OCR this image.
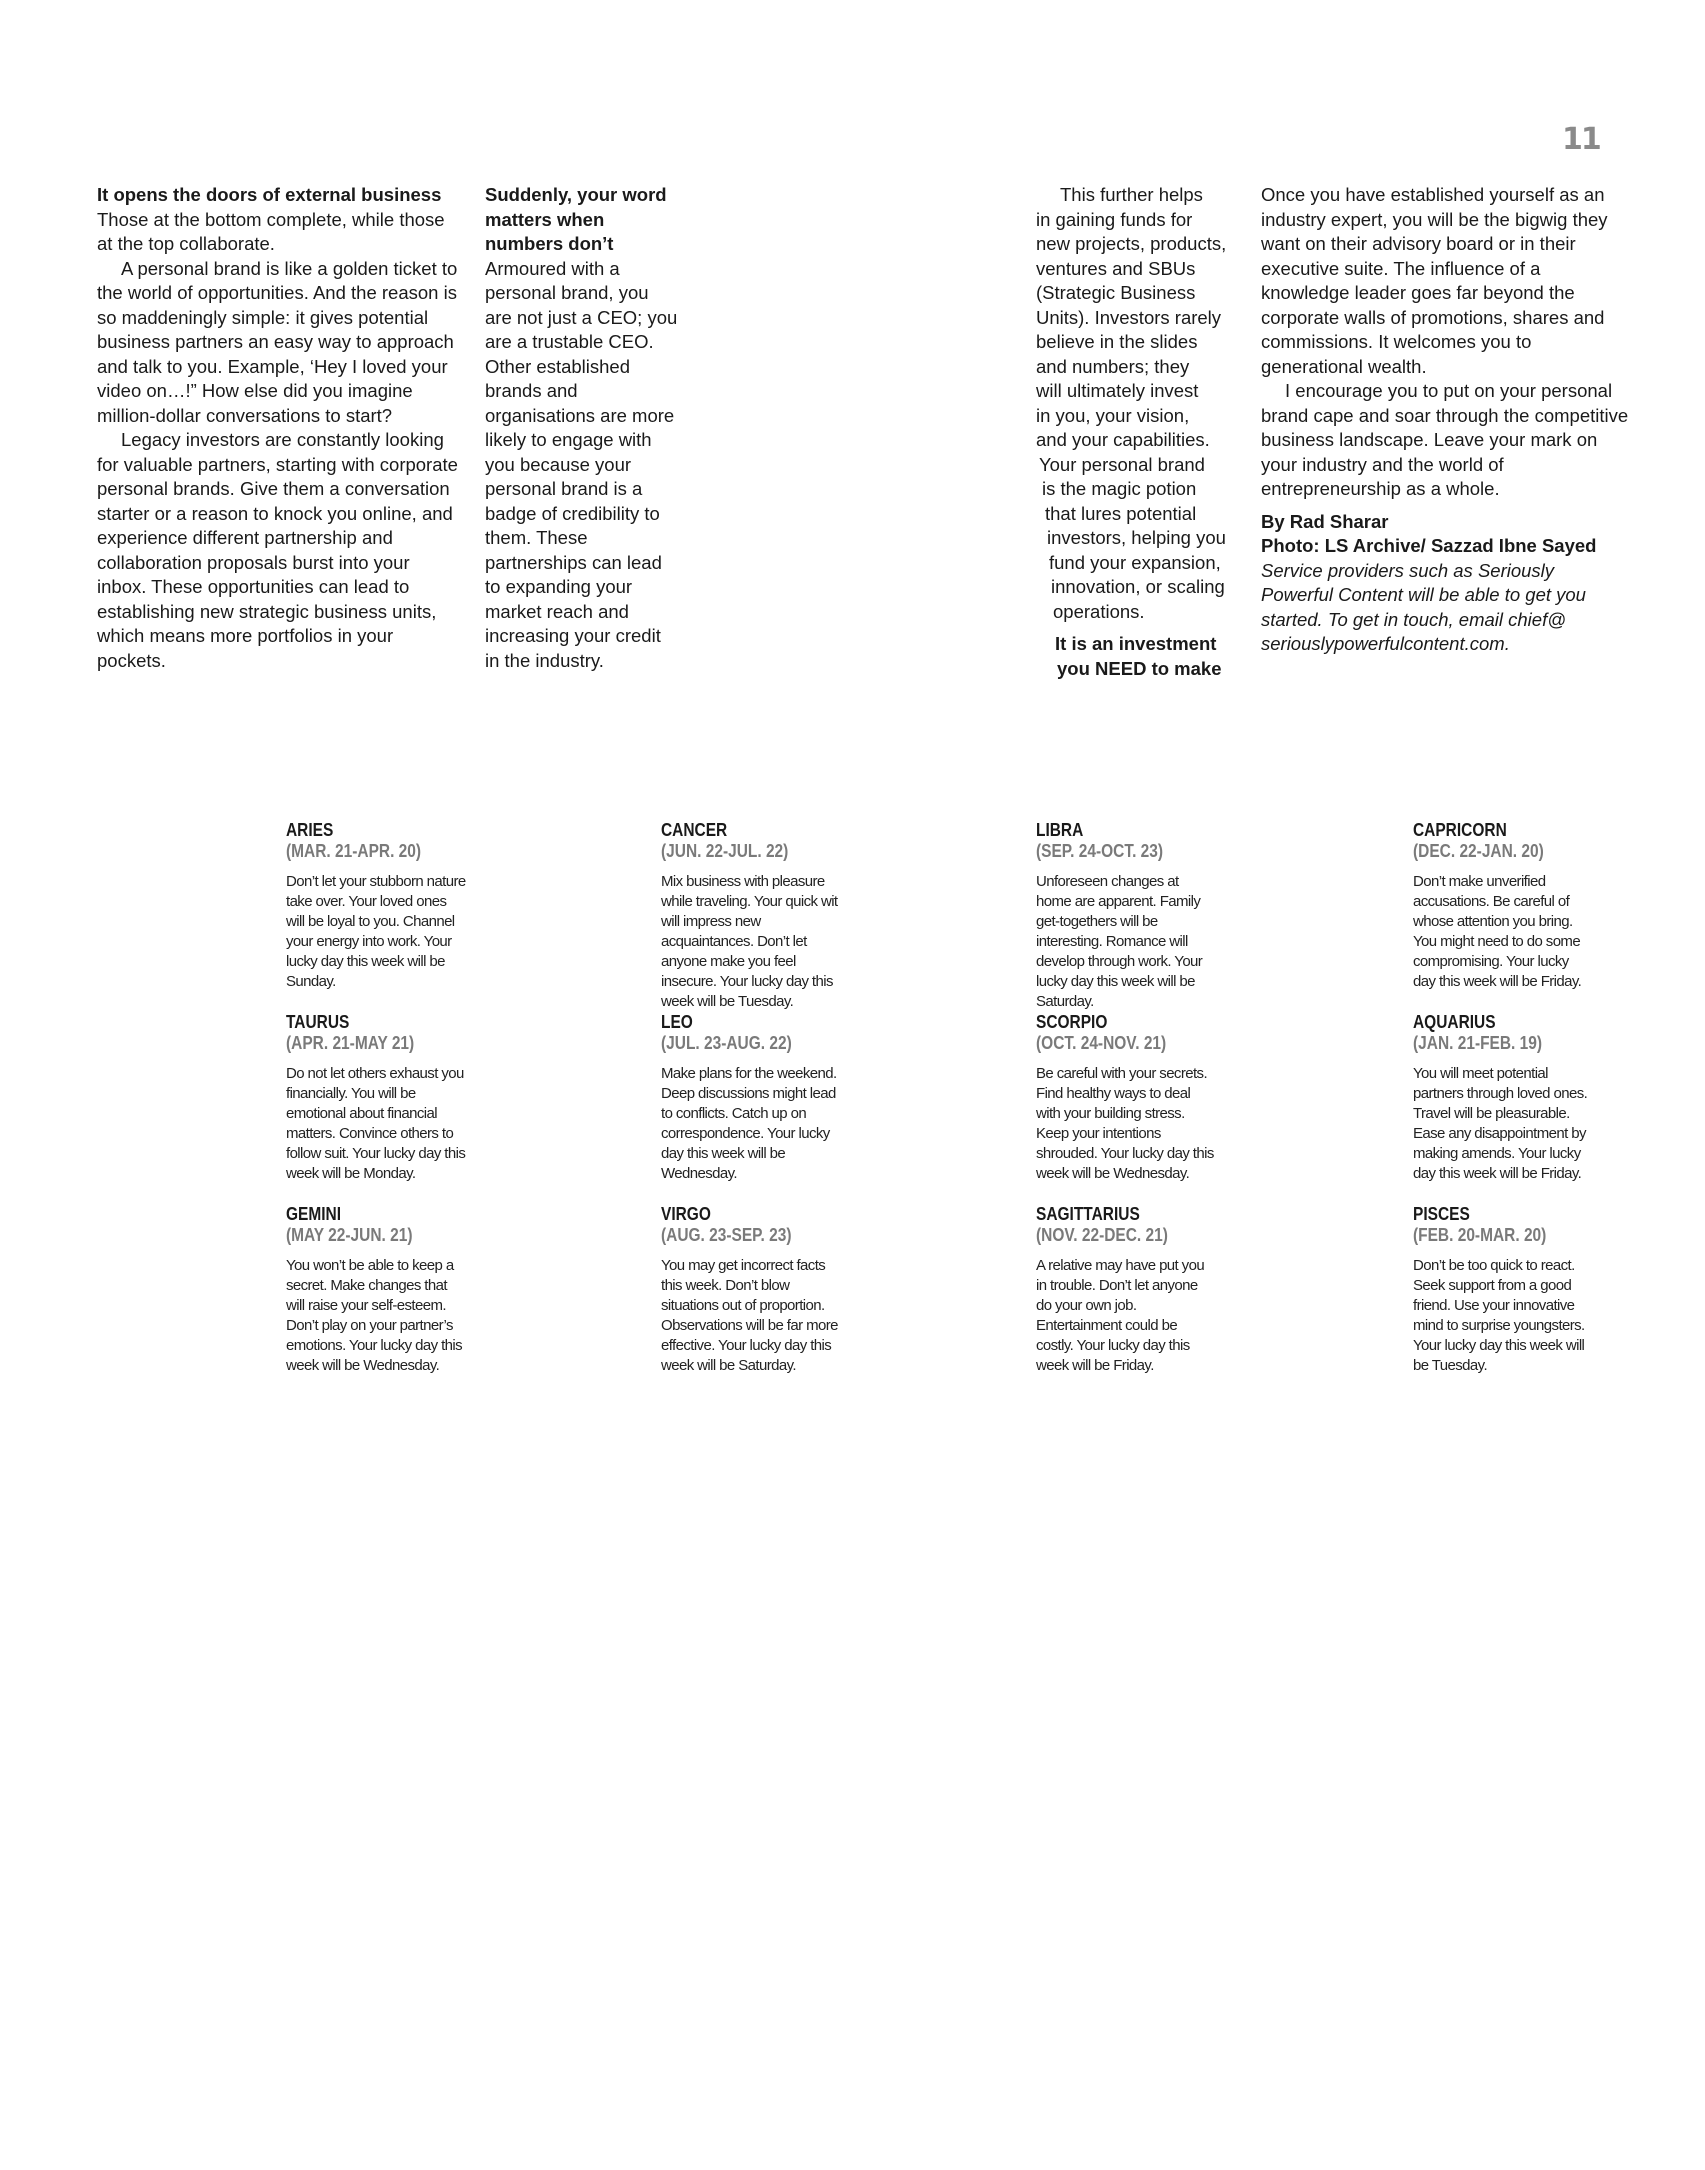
11

It opens the doors of external business

Those at the bottom complete, while those at the top collaborate.

A personal brand is like a golden ticket to the world of opportunities. And the reason is so maddeningly simple: it gives potential business partners an easy way to approach and talk to you. Example, ‘Hey I loved your video on…!” How else did you imagine million-dollar conversations to start?

Legacy investors are constantly looking for valuable partners, starting with corporate personal brands. Give them a conversation starter or a reason to knock you online, and experience different partnership and collaboration proposals burst into your inbox. These opportunities can lead to establishing new strategic business units, which means more portfolios in your pockets.

Suddenly, your word matters when numbers don’t

Armoured with a personal brand, you are not just a CEO; you are a trustable CEO. Other established brands and organisations are more likely to engage with you because your personal brand is a badge of credibility to them. These partnerships can lead to expanding your market reach and increasing your credit in the industry.

This further helps

in gaining funds for

new projects, products,

ventures and SBUs

(Strategic Business

Units). Investors rarely

believe in the slides

and numbers; they

will ultimately invest

in you, your vision,

and your capabilities.

Your personal brand

is the magic potion

that lures potential

investors, helping you

fund your expansion,

innovation, or scaling

operations.

It is an investment

you NEED to make

Once you have established yourself as an industry expert, you will be the bigwig they want on their advisory board or in their executive suite. The influence of a knowledge leader goes far beyond the corporate walls of promotions, shares and commissions. It welcomes you to generational wealth.

I encourage you to put on your personal brand cape and soar through the competitive business landscape. Leave your mark on your industry and the world of entrepreneurship as a whole.

By Rad Sharar

Photo: LS Archive/ Sazzad Ibne Sayed

Service providers such as Seriously Powerful Content will be able to get you started. To get in touch, email chief@ seriouslypowerfulcontent.com.

ARIES
(MAR. 21-APR. 20)
Don’t let your stubborn nature take over. Your loved ones will be loyal to you. Channel your energy into work. Your lucky day this week will be Sunday.
TAURUS
(APR. 21-MAY 21)
Do not let others exhaust you financially. You will be emotional about financial matters. Convince others to follow suit. Your lucky day this week will be Monday.
GEMINI
(MAY 22-JUN. 21)
You won’t be able to keep a secret. Make changes that will raise your self-esteem. Don’t play on your partner’s emotions. Your lucky day this week will be Wednesday.
CANCER
(JUN. 22-JUL. 22)
Mix business with pleasure while traveling. Your quick wit will impress new acquaintances. Don’t let anyone make you feel insecure. Your lucky day this week will be Tuesday.
LEO
(JUL. 23-AUG. 22)
Make plans for the weekend. Deep discussions might lead to conflicts. Catch up on correspondence. Your lucky day this week will be Wednesday.
VIRGO
(AUG. 23-SEP. 23)
You may get incorrect facts this week. Don’t blow situations out of proportion. Observations will be far more effective. Your lucky day this week will be Saturday.
LIBRA
(SEP. 24-OCT. 23)
Unforeseen changes at home are apparent. Family get-togethers will be interesting. Romance will develop through work. Your lucky day this week will be Saturday.
SCORPIO
(OCT. 24-NOV. 21)
Be careful with your secrets. Find healthy ways to deal with your building stress. Keep your intentions shrouded. Your lucky day this week will be Wednesday.
SAGITTARIUS
(NOV. 22-DEC. 21)
A relative may have put you in trouble. Don’t let anyone do your own job. Entertainment could be costly. Your lucky day this week will be Friday.
CAPRICORN
(DEC. 22-JAN. 20)
Don’t make unverified accusations. Be careful of whose attention you bring. You might need to do some compromising. Your lucky day this week will be Friday.
AQUARIUS
(JAN. 21-FEB. 19)
You will meet potential partners through loved ones. Travel will be pleasurable. Ease any disappointment by making amends. Your lucky day this week will be Friday.
PISCES
(FEB. 20-MAR. 20)
Don’t be too quick to react. Seek support from a good friend. Use your innovative mind to surprise youngsters. Your lucky day this week will be Tuesday.
